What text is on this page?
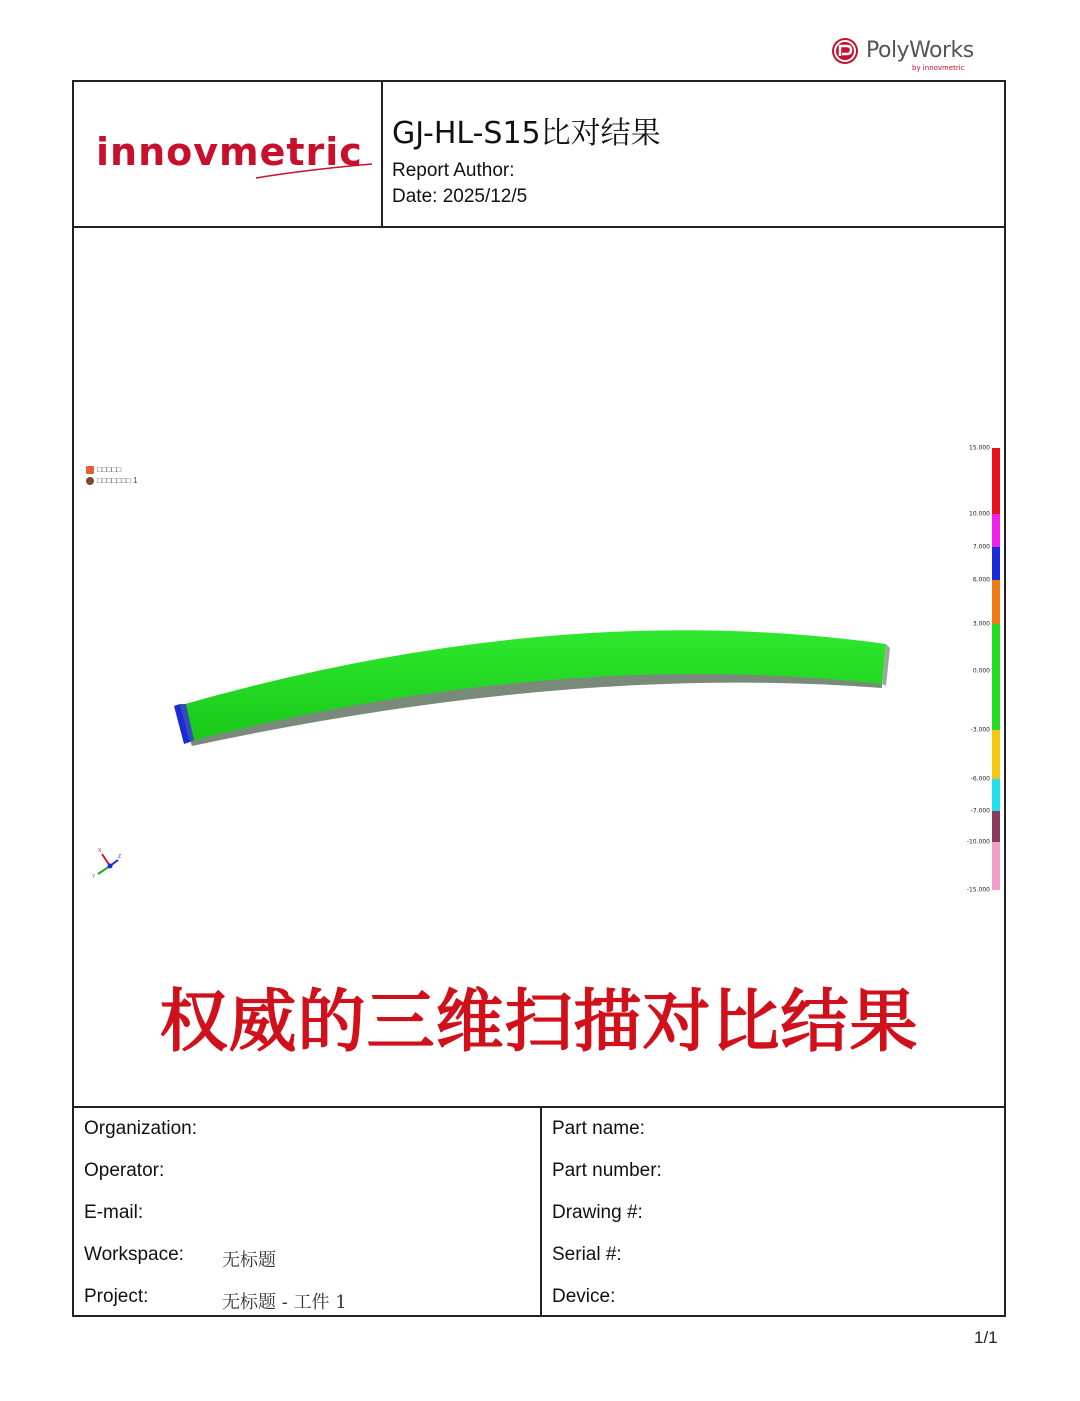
PolyWorks
by innovmetric
innovmetric GJ-HL-S15比对结果
Report Author:
Date: 2025/12/5
□□□□□
□□□□□□□ 1
X
Z
Y
15.000
10.000
7.000
6.000
3.000
0.000
-3.000
-6.000
-7.000
-10.000
-15.000
权威的三维扫描对比结果
Organization:
Operator:
E-mail:
Workspace: 无标题
Project:	无标题 - 工件 1
Part name:
Part number:
Drawing #:
Serial #:
Device:
1/1
